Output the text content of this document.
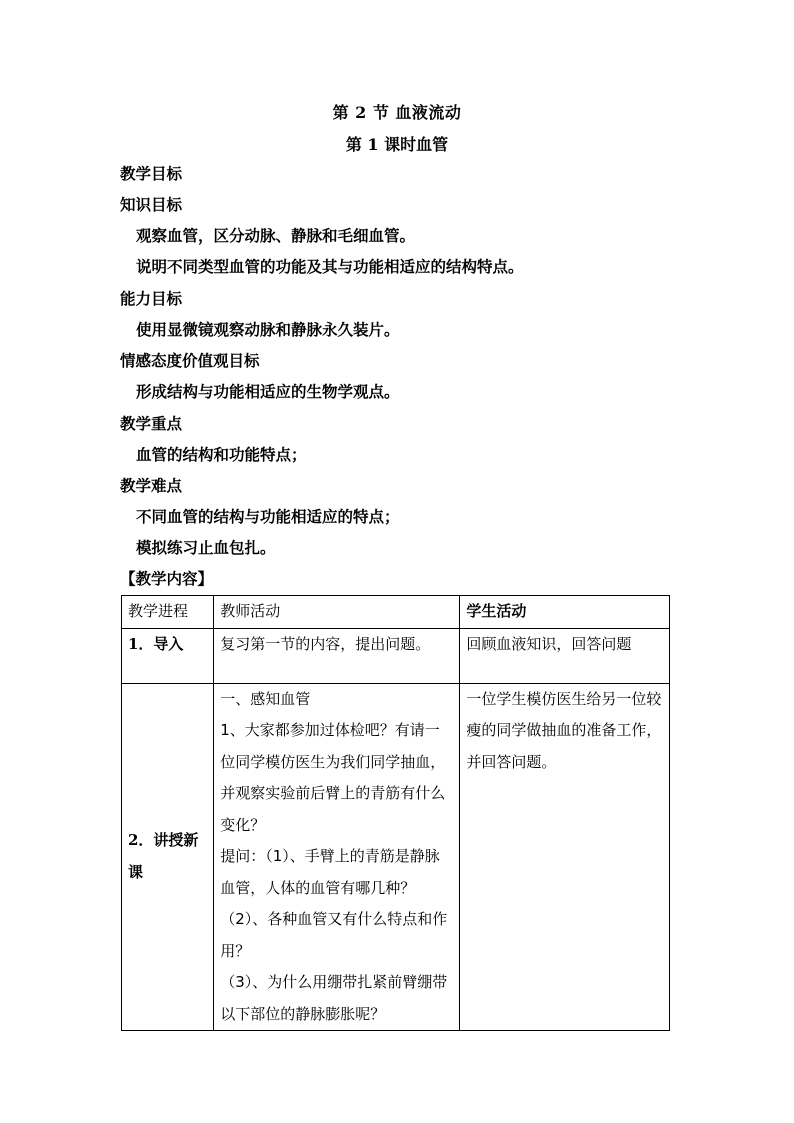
第 2 节 血液流动
第 1 课时血管
教学目标
知识目标
观察血管，区分动脉、静脉和毛细血管。
说明不同类型血管的功能及其与功能相适应的结构特点。
能力目标
使用显微镜观察动脉和静脉永久装片。
情感态度价值观目标
形成结构与功能相适应的生物学观点。
教学重点
血管的结构和功能特点；
教学难点
不同血管的结构与功能相适应的特点；
模拟练习止血包扎。
【教学内容】
教学进程	教师活动	学生活动
1．导入	复习第一节的内容，提出问题。	回顾血液知识，回答问题

2．讲授新课	一、感知血管
1、大家都参加过体检吧？有请一位同学模仿医生为我们同学抽血，并观察实验前后臂上的青筋有什么变化？
提问：（1）、手臂上的青筋是静脉血管，人体的血管有哪几种？
（2）、各种血管又有什么特点和作用？
（3）、为什么用绷带扎紧前臂绷带以下部位的静脉膨胀呢？	一位学生模仿医生给另一位较瘦的同学做抽血的准备工作，并回答问题。
